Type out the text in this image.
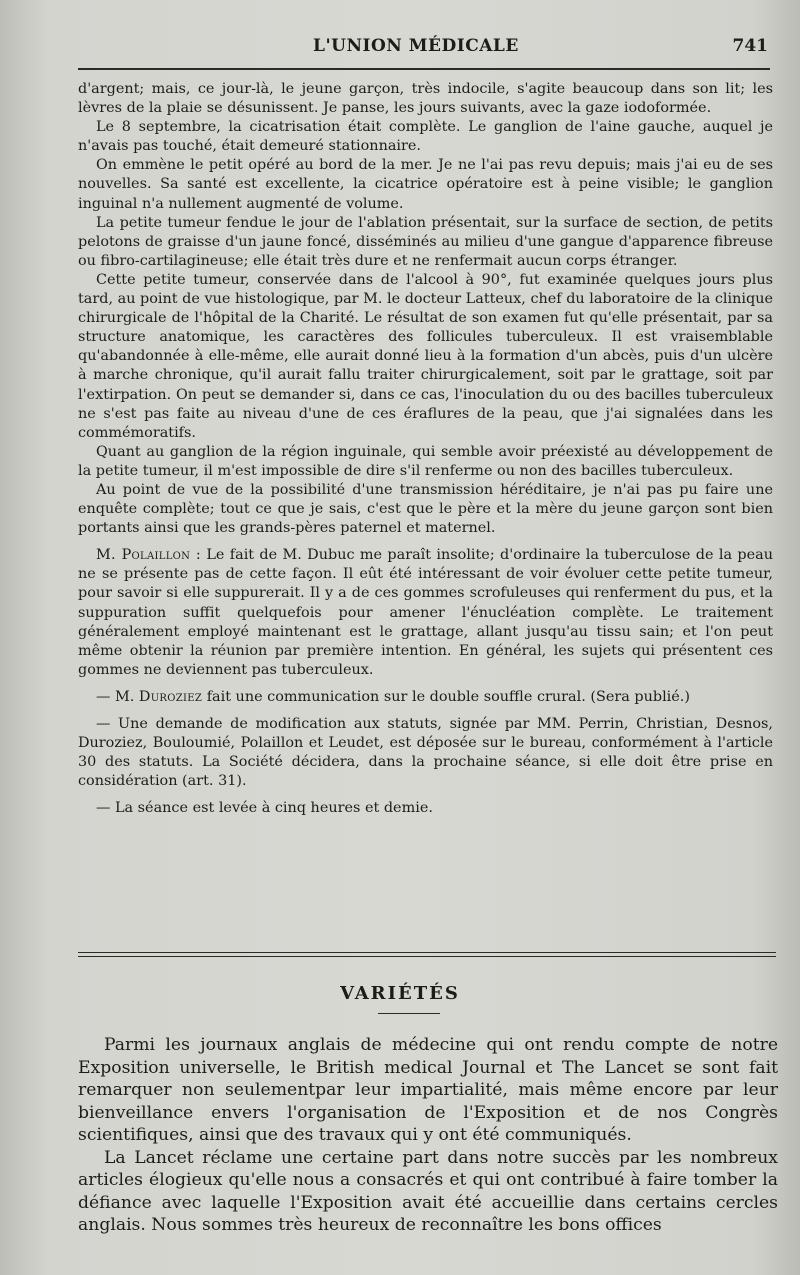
L'UNION MÉDICALE	741

d'argent; mais, ce jour-là, le jeune garçon, très indocile, s'agite beaucoup dans son lit; les lèvres de la plaie se désunissent. Je panse, les jours suivants, avec la gaze iodoformée.

Le 8 septembre, la cicatrisation était complète. Le ganglion de l'aine gauche, auquel je n'avais pas touché, était demeuré stationnaire.

On emmène le petit opéré au bord de la mer. Je ne l'ai pas revu depuis; mais j'ai eu de ses nouvelles. Sa santé est excellente, la cicatrice opératoire est à peine visible; le ganglion inguinal n'a nullement augmenté de volume.

La petite tumeur fendue le jour de l'ablation présentait, sur la surface de section, de petits pelotons de graisse d'un jaune foncé, disséminés au milieu d'une gangue d'apparence fibreuse ou fibro-cartilagineuse; elle était très dure et ne renfermait aucun corps étranger.

Cette petite tumeur, conservée dans de l'alcool à 90°, fut examinée quelques jours plus tard, au point de vue histologique, par M. le docteur Latteux, chef du laboratoire de la clinique chirurgicale de l'hôpital de la Charité. Le résultat de son examen fut qu'elle présentait, par sa structure anatomique, les caractères des follicules tuberculeux. Il est vraisemblable qu'abandonnée à elle-même, elle aurait donné lieu à la formation d'un abcès, puis d'un ulcère à marche chronique, qu'il aurait fallu traiter chirurgicalement, soit par le grattage, soit par l'extirpation. On peut se demander si, dans ce cas, l'inoculation du ou des bacilles tuberculeux ne s'est pas faite au niveau d'une de ces éraflures de la peau, que j'ai signalées dans les commémoratifs.

Quant au ganglion de la région inguinale, qui semble avoir préexisté au développement de la petite tumeur, il m'est impossible de dire s'il renferme ou non des bacilles tuberculeux.

Au point de vue de la possibilité d'une transmission héréditaire, je n'ai pas pu faire une enquête complète; tout ce que je sais, c'est que le père et la mère du jeune garçon sont bien portants ainsi que les grands-pères paternel et maternel.

M. Polaillon : Le fait de M. Dubuc me paraît insolite; d'ordinaire la tuberculose de la peau ne se présente pas de cette façon. Il eût été intéressant de voir évoluer cette petite tumeur, pour savoir si elle suppurerait. Il y a de ces gommes scrofuleuses qui renferment du pus, et la suppuration suffit quelquefois pour amener l'énucléation complète. Le traitement généralement employé maintenant est le grattage, allant jusqu'au tissu sain; et l'on peut même obtenir la réunion par première intention. En général, les sujets qui présentent ces gommes ne deviennent pas tuberculeux.

— M. Duroziez fait une communication sur le double souffle crural. (Sera publié.)

— Une demande de modification aux statuts, signée par MM. Perrin, Christian, Desnos, Duroziez, Bouloumié, Polaillon et Leudet, est déposée sur le bureau, conformément à l'article 30 des statuts. La Société décidera, dans la prochaine séance, si elle doit être prise en considération (art. 31).

— La séance est levée à cinq heures et demie.

VARIÉTÉS

Parmi les journaux anglais de médecine qui ont rendu compte de notre Exposition universelle, le British medical Journal et The Lancet se sont fait remarquer non seulementpar leur impartialité, mais même encore par leur bienveillance envers l'organisation de l'Exposition et de nos Congrès scientifiques, ainsi que des travaux qui y ont été communiqués.

La Lancet réclame une certaine part dans notre succès par les nombreux articles élogieux qu'elle nous a consacrés et qui ont contribué à faire tomber la défiance avec laquelle l'Exposition avait été accueillie dans certains cercles anglais. Nous sommes très heureux de reconnaître les bons offices
